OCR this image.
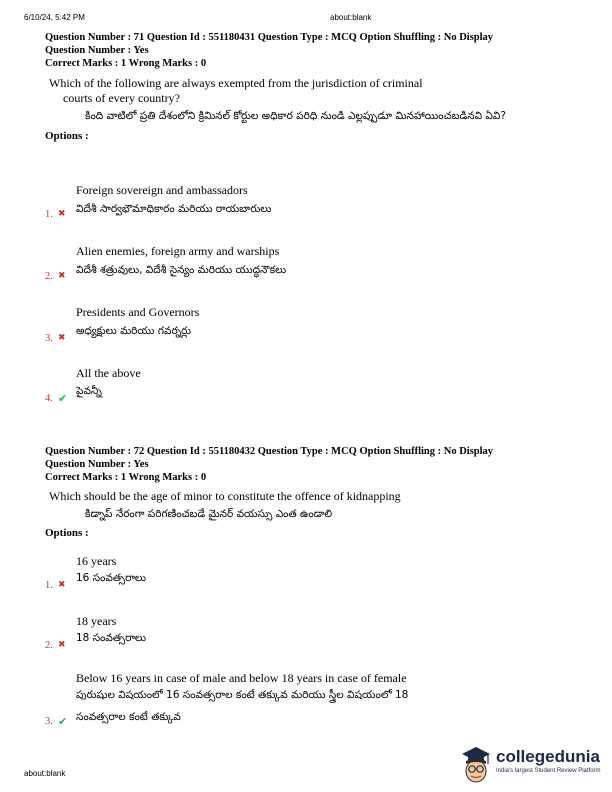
6/10/24, 5:42 PM	about:blank
Question Number : 71 Question Id : 551180431 Question Type : MCQ Option Shuffling : No Display
Question Number : Yes
Correct Marks : 1 Wrong Marks : 0
Which of the following are always exempted from the jurisdiction of criminal
courts of every country?
కింది వాటిలో ప్రతి దేశంలోని క్రిమినల్ కోర్టుల అధికార పరిధి నుండి ఎల్లప్పుడూ మినహాయించబడినవి ఏవి?
Options :
Foreign sovereign and ambassadors
1. ✖ విదేశీ సార్వభౌమాధికారం మరియు రాయబారులు
Alien enemies, foreign army and warships
2. ✖ విదేశీ శత్రువులు, విదేశీ సైన్యం మరియు యుద్ధనౌకలు
Presidents and Governors
3. ✖
అధ్యక్షులు మరియు గవర్నర్లు
All the above
4. ✔
పైవన్నీ
Question Number : 72 Question Id : 551180432 Question Type : MCQ Option Shuffling : No Display
Question Number : Yes
Correct Marks : 1 Wrong Marks : 0
Which should be the age of minor to constitute the offence of kidnapping
కిడ్నాప్ నేరంగా పరిగణించబడే మైనర్ వయస్సు ఎంత ఉండాలి
Options :
16 years
1. ✖
16 సంవత్సరాలు
18 years
2. ✖
18 సంవత్సరాలు
Below 16 years in case of male and below 18 years in case of female
పురుషుల విషయంలో 16 సంవత్సరాల కంటే తక్కువ మరియు స్త్రీల విషయంలో 18
3. ✔ సంవత్సరాల కంటే తక్కువ
about:blank
collegedunia
India's largest Student Review Platform
